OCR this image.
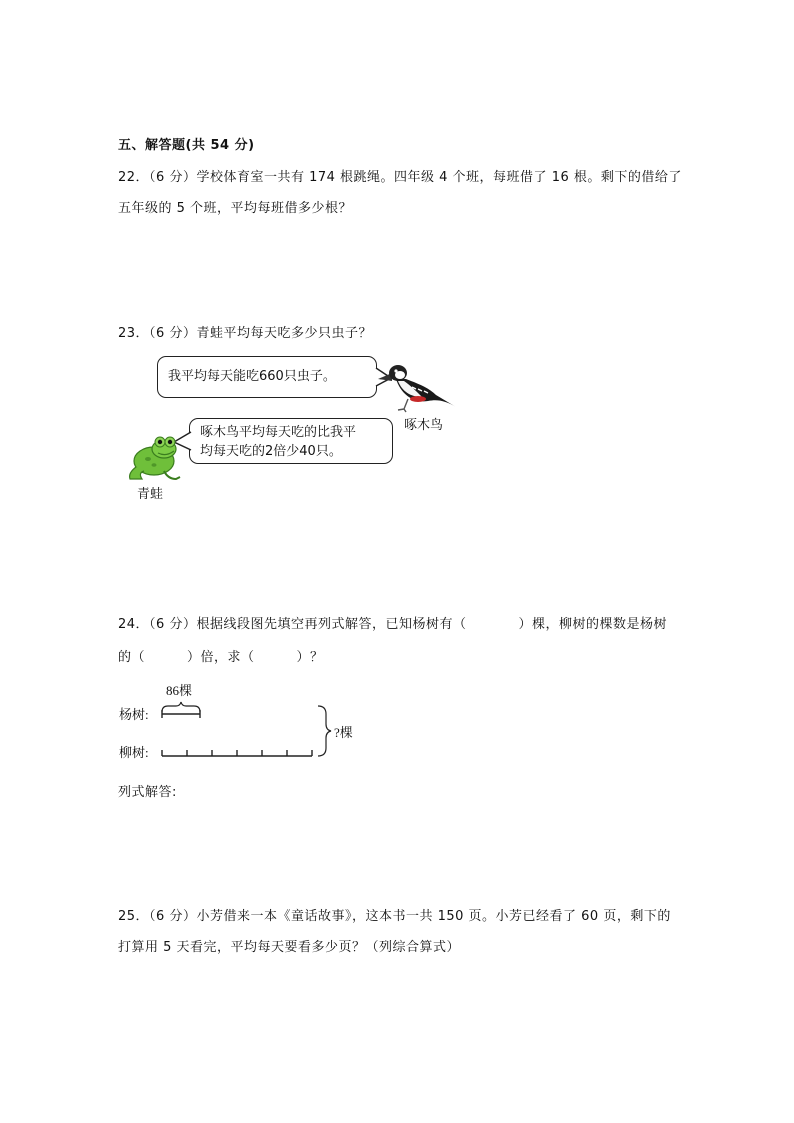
五、解答题(共 54 分)
22．（6 分）学校体育室一共有 174 根跳绳。四年级 4 个班，每班借了 16 根。剩下的借给了
五年级的 5 个班，平均每班借多少根？
23．（6 分）青蛙平均每天吃多少只虫子？
我平均每天能吃660只虫子。
啄木鸟
啄木鸟平均每天吃的比我平
均每天吃的2倍少40只。
青蛙
24．（6 分）根据线段图先填空再列式解答，已知杨树有（	）棵，柳树的棵数是杨树
的（	）倍，求（	）？
86棵
杨树:
柳树:
?棵
列式解答:
25．（6 分）小芳借来一本《童话故事》，这本书一共 150 页。小芳已经看了 60 页，剩下的
打算用 5 天看完，平均每天要看多少页？（列综合算式）
